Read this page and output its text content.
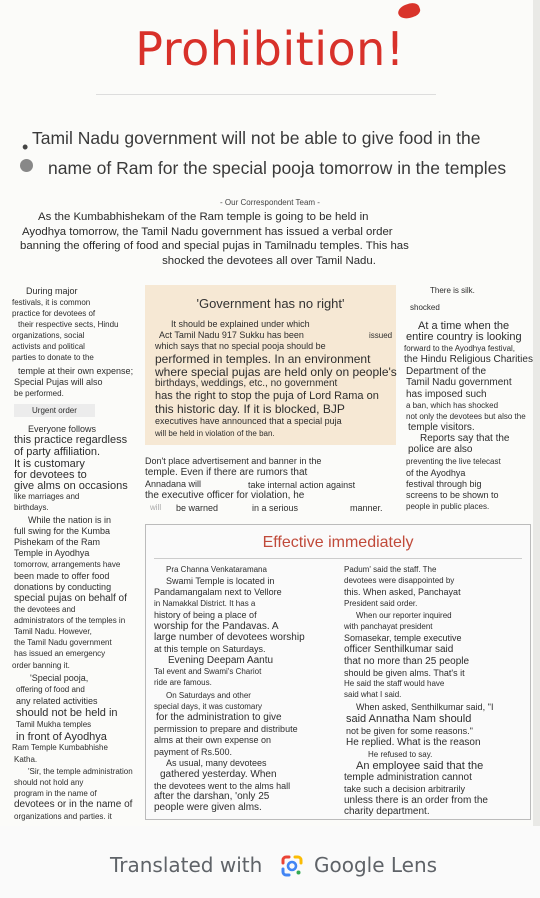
Prohibition!
• Tamil Nadu government will not be able to give food in the
name of Ram for the special pooja tomorrow in the temples
- Our Correspondent Team -
As the Kumbabhishekam of the Ram temple is going to be held in
Ayodhya tomorrow, the Tamil Nadu government has issued a verbal order
banning the offering of food and special pujas in Tamilnadu temples. This has
shocked the devotees all over Tamil Nadu.
During major
festivals, it is common
practice for devotees of
their respective sects, Hindu
organizations, social
activists and political
parties to donate to the
temple at their own expense;
Special Pujas will also
be performed.
Urgent order
Everyone follows
this practice regardless
of party affiliation.
It is customary
for devotees to
give alms on occasions
like marriages and
birthdays.
While the nation is in
full swing for the Kumba
Pishekam of the Ram
Temple in Ayodhya
tomorrow, arrangements have
been made to offer food
donations by conducting
special pujas on behalf of
the devotees and
administrators of the temples in
Tamil Nadu. However,
the Tamil Nadu government
has issued an emergency
order banning it.
'Special pooja,
offering of food and
any related activities
should not be held in
Tamil Mukha temples
in front of Ayodhya
Ram Temple Kumbabhishe
Katha.
'Sir, the temple administration
should not hold any
program in the name of
devotees or in the name of
organizations and parties. it
'Government has no right'
It should be explained under which
Act Tamil Nadu 917 Sukku has been	issued
which says that no special pooja should be
performed in temples. In an environment
where special pujas are held only on people's
birthdays, weddings, etc., no government
has the right to stop the puja of Lord Rama on
this historic day. If it is blocked, BJP
executives have announced that a special puja
will be held in violation of the ban.
Don't place advertisement and banner in the
temple. Even if there are rumors that
Annadana will	take internal action against
the executive officer for violation, he
will be warned	in a serious	manner.
There is silk.
shocked
At a time when the
entire country is looking
forward to the Ayodhya festival,
the Hindu Religious Charities
Department of the
Tamil Nadu government
has imposed such
a ban, which has shocked
not only the devotees but also the
temple visitors.
Reports say that the
police are also
preventing the live telecast
of the Ayodhya
festival through big
screens to be shown to
people in public places.
Effective immediately
Pra Channa Venkataramana
Swami Temple is located in
Pandamangalam next to Vellore
in Namakkal District. It has a
history of being a place of
worship for the Pandavas. A
large number of devotees worship
at this temple on Saturdays.
Evening Deepam Aantu
Tal event and Swami's Chariot
ride are famous.
On Saturdays and other
special days, it was customary
for the administration to give
permission to prepare and distribute
alms at their own expense on
payment of Rs.500.
As usual, many devotees
gathered yesterday. When
the devotees went to the alms hall
after the darshan, 'only 25
people were given alms.
Padum' said the staff. The
devotees were disappointed by
this. When asked, Panchayat
President said order.
When our reporter inquired
with panchayat president
Somasekar, temple executive
officer Senthilkumar said
that no more than 25 people
should be given alms. That's it
He said the staff would have
said what I said.
When asked, Senthilkumar said, ''I
said Annatha Nam should
not be given for some reasons.''
He replied. What is the reason
He refused to say.
An employee said that the
temple administration cannot
take such a decision arbitrarily
unless there is an order from the
charity department.
Translated with	Google Lens
